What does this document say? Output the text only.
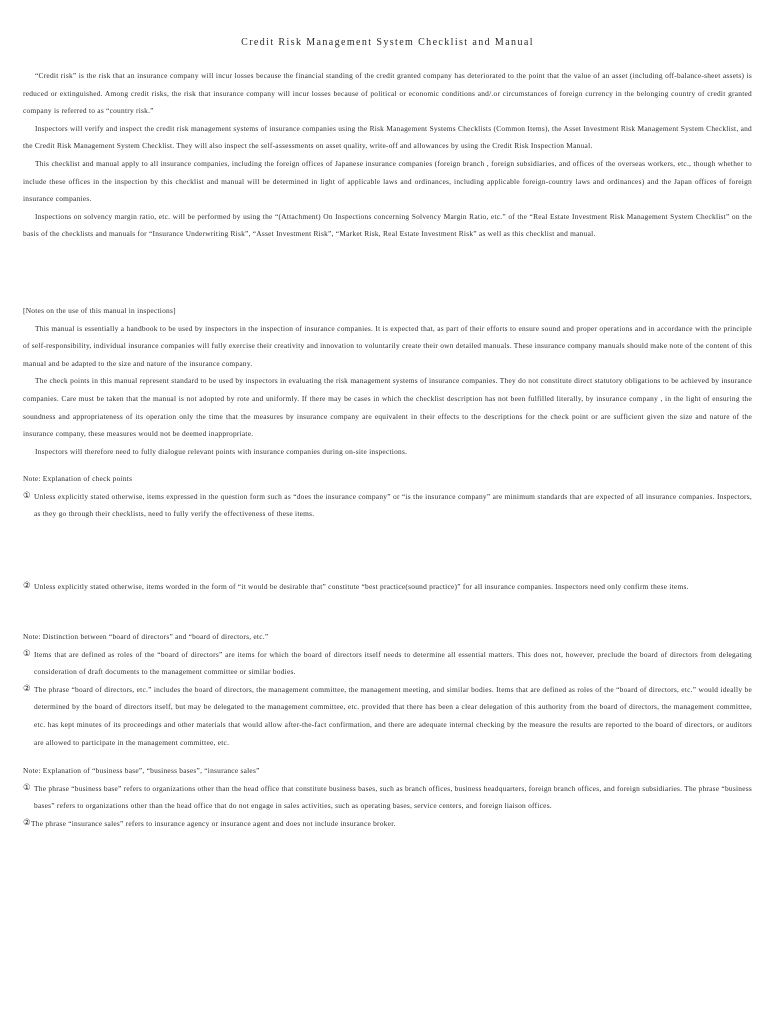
Credit Risk Management System Checklist and Manual

“Credit risk” is the risk that an insurance company will incur losses because the financial standing of the credit granted company has deteriorated to the point that the value of an asset (including off-balance-sheet assets) is reduced or extinguished. Among credit risks, the risk that insurance company will incur losses because of political or economic conditions and/.or circumstances of foreign currency in the belonging country of credit granted company is referred to as “country risk.”

Inspectors will verify and inspect the credit risk management systems of insurance companies using the Risk Management Systems Checklists (Common Items), the Asset Investment Risk Management System Checklist, and the Credit Risk Management System Checklist. They will also inspect the self-assessments on asset quality, write-off and allowances by using the Credit Risk Inspection Manual.

This checklist and manual apply to all insurance companies, including the foreign offices of Japanese insurance companies (foreign branch , foreign subsidiaries, and offices of the overseas workers, etc., though whether to include these offices in the inspection by this checklist and manual will be determined in light of applicable laws and ordinances, including applicable foreign-country laws and ordinances) and the Japan offices of foreign insurance companies.

Inspections on solvency margin ratio, etc. will be performed by using the “(Attachment) On Inspections concerning Solvency Margin Ratio, etc.” of the “Real Estate Investment Risk Management System Checklist” on the basis of the checklists and manuals for “Insurance Underwriting Risk”, “Asset Investment Risk”, “Market Risk, Real Estate Investment Risk” as well as this checklist and manual.

[Notes on the use of this manual in inspections]

This manual is essentially a handbook to be used by inspectors in the inspection of insurance companies. It is expected that, as part of their efforts to ensure sound and proper operations and in accordance with the principle of self-responsibility, individual insurance companies will fully exercise their creativity and innovation to voluntarily create their own detailed manuals. These insurance company manuals should make note of the content of this manual and be adapted to the size and nature of the insurance company.

The check points in this manual represent standard to be used by inspectors in evaluating the risk management systems of insurance companies. They do not constitute direct statutory obligations to be achieved by insurance companies. Care must be taken that the manual is not adopted by rote and uniformly. If there may be cases in which the checklist description has not been fulfilled literally, by insurance company , in the light of ensuring the soundness and appropriateness of its operation only the time that the measures by insurance company are equivalent in their effects to the descriptions for the check point or are sufficient given the size and nature of the insurance company, these measures would not be deemed inappropriate.

Inspectors will therefore need to fully dialogue relevant points with insurance companies during on-site inspections.

Note: Explanation of check points

① Unless explicitly stated otherwise, items expressed in the question form such as “does the insurance company” or “is the insurance company” are minimum standards that are expected of all insurance companies. Inspectors, as they go through their checklists, need to fully verify the effectiveness of these items.
② Unless explicitly stated otherwise, items worded in the form of “it would be desirable that” constitute “best practice(sound practice)” for all insurance companies. Inspectors need only confirm these items.

Note: Distinction between “board of directors” and “board of directors, etc.”

① Items that are defined as roles of the “board of directors” are items for which the board of directors itself needs to determine all essential matters. This does not, however, preclude the board of directors from delegating consideration of draft documents to the management committee or similar bodies.
② The phrase “board of directors, etc.” includes the board of directors, the management committee, the management meeting, and similar bodies. Items that are defined as roles of the “board of directors, etc.” would ideally be determined by the board of directors itself, but may be delegated to the management committee, etc. provided that there has been a clear delegation of this authority from the board of directors, the management committee, etc. has kept minutes of its proceedings and other materials that would allow after-the-fact confirmation, and there are adequate internal checking by the measure the results are reported to the board of directors, or auditors are allowed to participate in the management committee, etc.

Note: Explanation of “business base”, “business bases”, “insurance sales”

① The phrase “business base” refers to organizations other than the head office that constitute business bases, such as branch offices, business headquarters, foreign branch offices, and foreign subsidiaries. The phrase “business bases” refers to organizations other than the head office that do not engage in sales activities, such as operating bases, service centers, and foreign liaison offices.
② The phrase “insurance sales” refers to insurance agency or insurance agent and does not include insurance broker.
